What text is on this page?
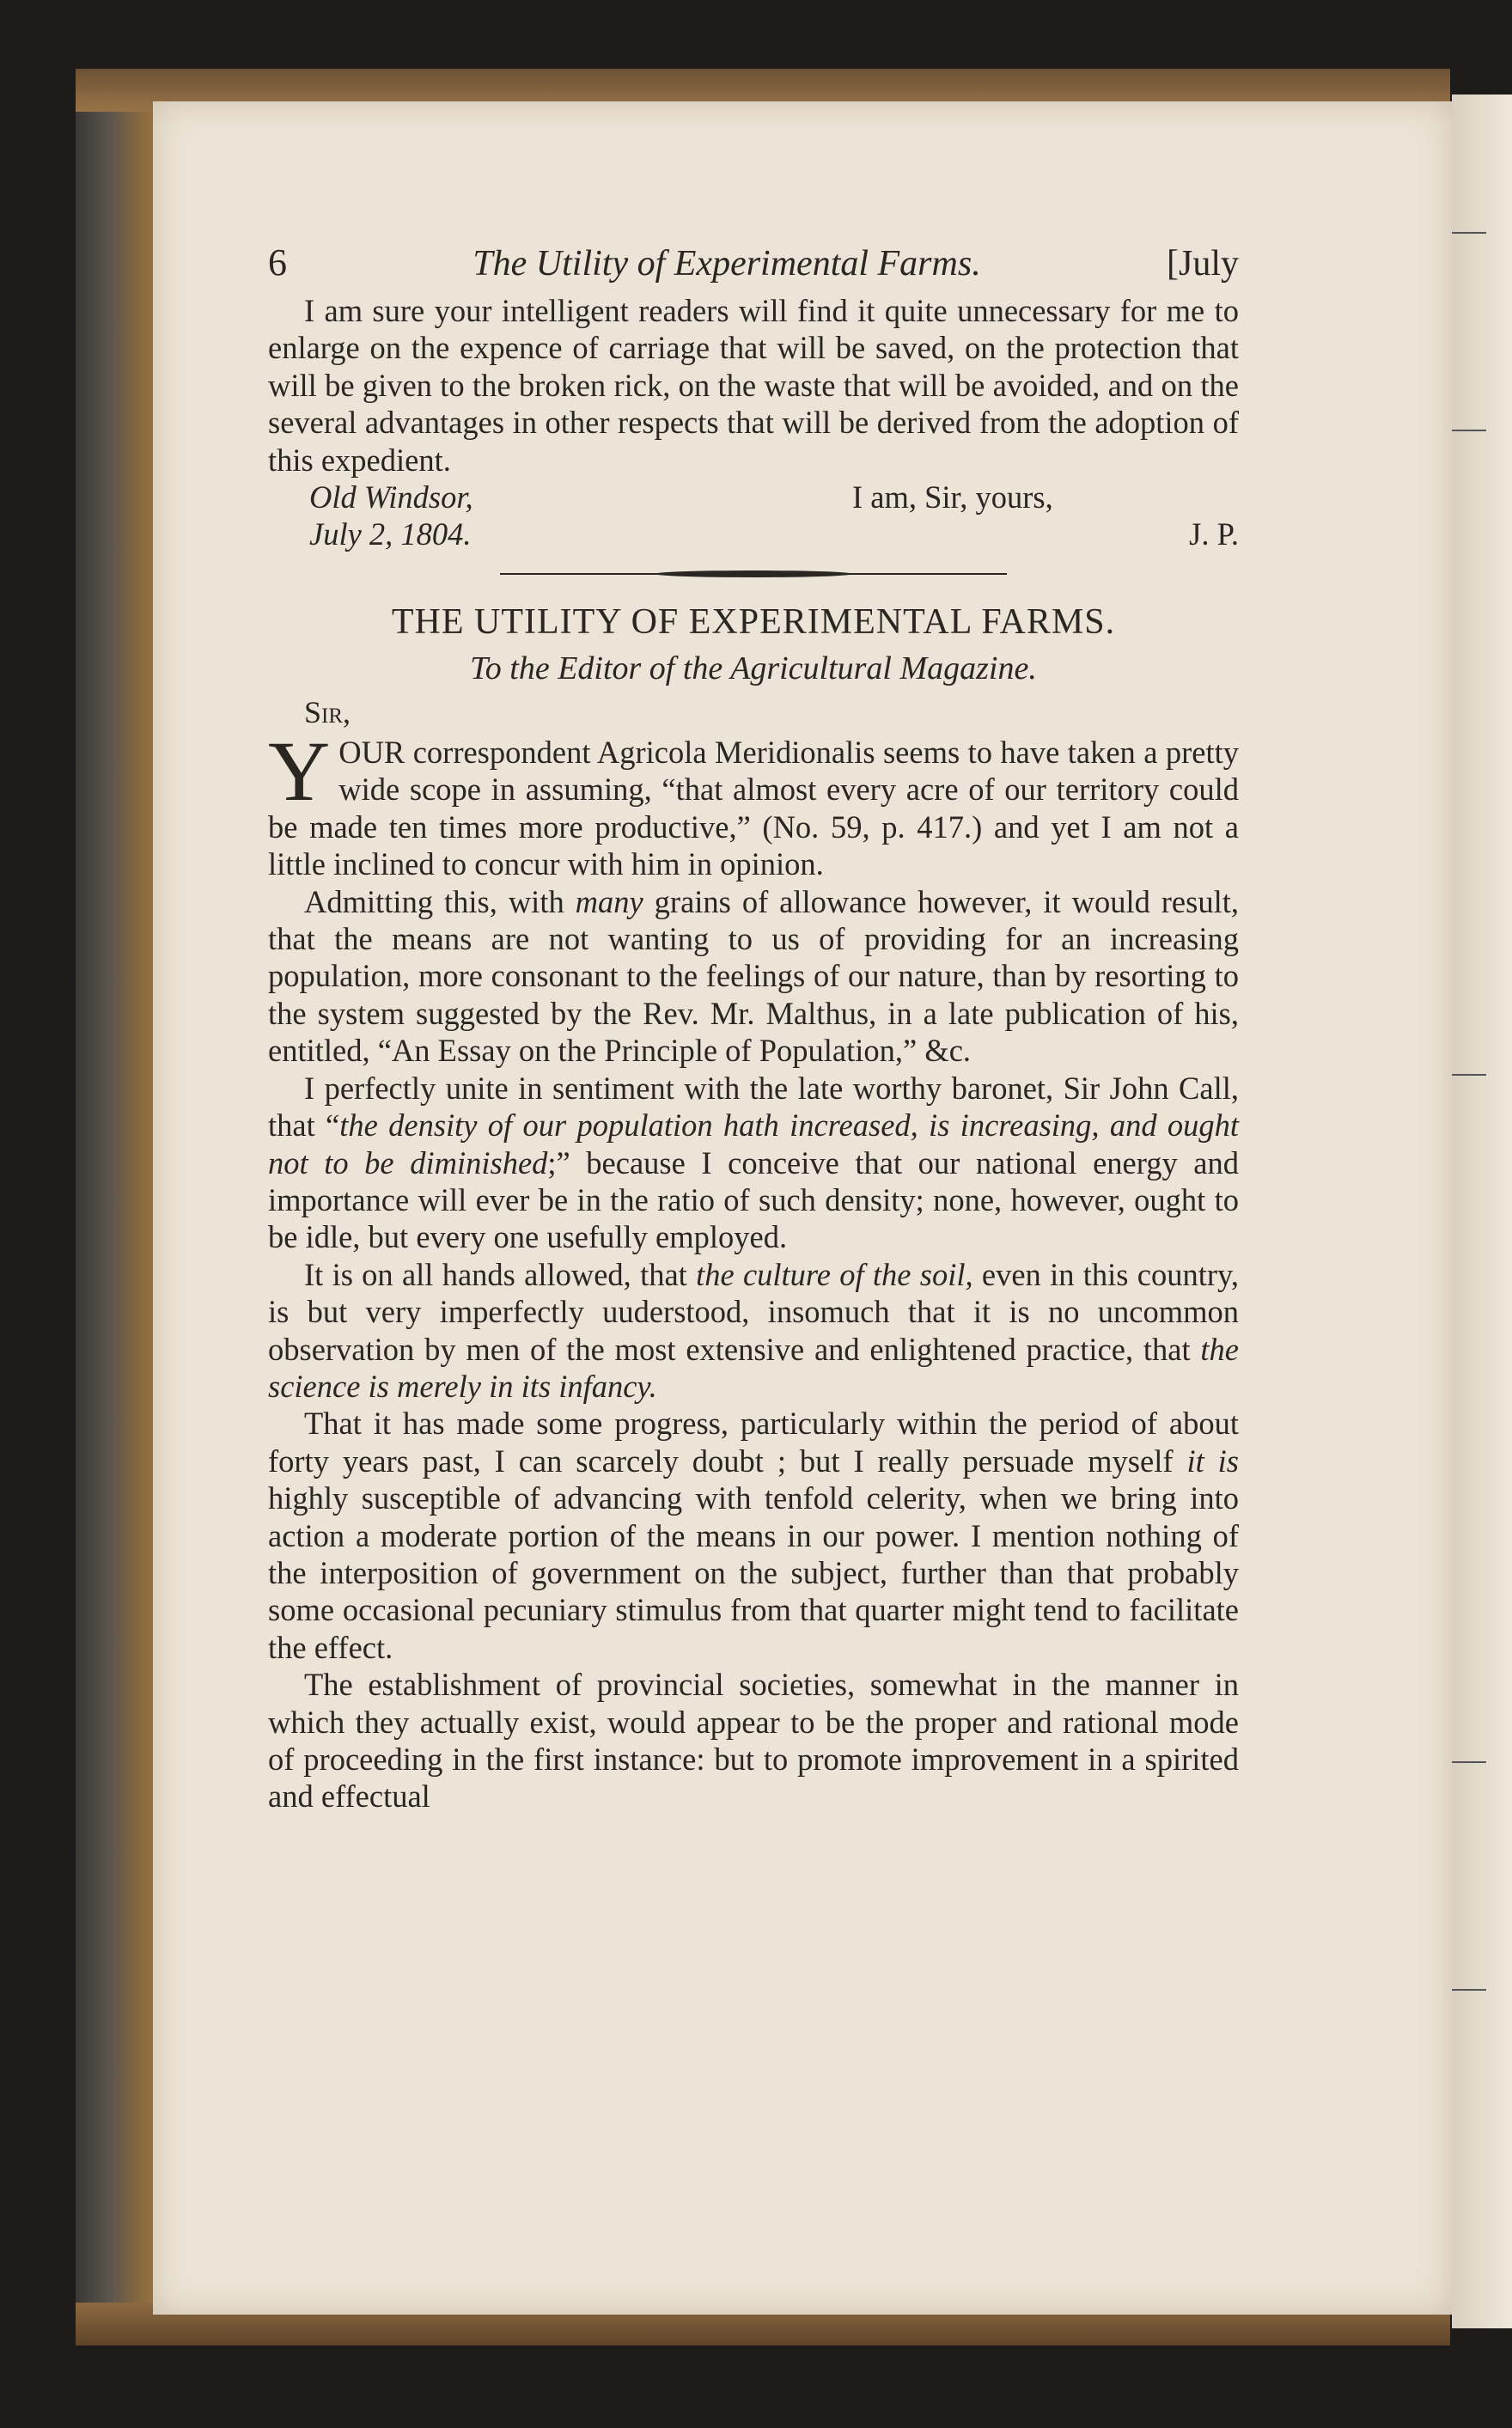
6	The Utility of Experimental Farms.	[July

I am sure your intelligent readers will find it quite unnecessary for me to enlarge on the expence of carriage that will be saved, on the protection that will be given to the broken rick, on the waste that will be avoided, and on the several advantages in other respects that will be derived from the adoption of this expedient.

Old Windsor,	I am, Sir, yours,
July 2, 1804.	J. P.
THE UTILITY OF EXPERIMENTAL FARMS.
To the Editor of the Agricultural Magazine.
Sir,

YOUR correspondent Agricola Meridionalis seems to have taken a pretty wide scope in assuming, “that almost every acre of our territory could be made ten times more productive,” (No. 59, p. 417.) and yet I am not a little inclined to concur with him in opinion.

Admitting this, with many grains of allowance however, it would result, that the means are not wanting to us of providing for an increasing population, more consonant to the feelings of our nature, than by resorting to the system suggested by the Rev. Mr. Malthus, in a late publication of his, entitled, “An Essay on the Principle of Population,” &c.

I perfectly unite in sentiment with the late worthy baronet, Sir John Call, that “the density of our population hath increased, is increasing, and ought not to be diminished;” because I conceive that our national energy and importance will ever be in the ratio of such density; none, however, ought to be idle, but every one usefully employed.

It is on all hands allowed, that the culture of the soil, even in this country, is but very imperfectly uuderstood, insomuch that it is no uncommon observation by men of the most extensive and enlightened practice, that the science is merely in its infancy.

That it has made some progress, particularly within the period of about forty years past, I can scarcely doubt ; but I really persuade myself it is highly susceptible of advancing with tenfold celerity, when we bring into action a moderate portion of the means in our power. I mention nothing of the interposition of government on the subject, further than that probably some occasional pecuniary stimulus from that quarter might tend to facilitate the effect.

The establishment of provincial societies, somewhat in the manner in which they actually exist, would appear to be the proper and rational mode of proceeding in the first instance: but to promote improvement in a spirited and effectual
